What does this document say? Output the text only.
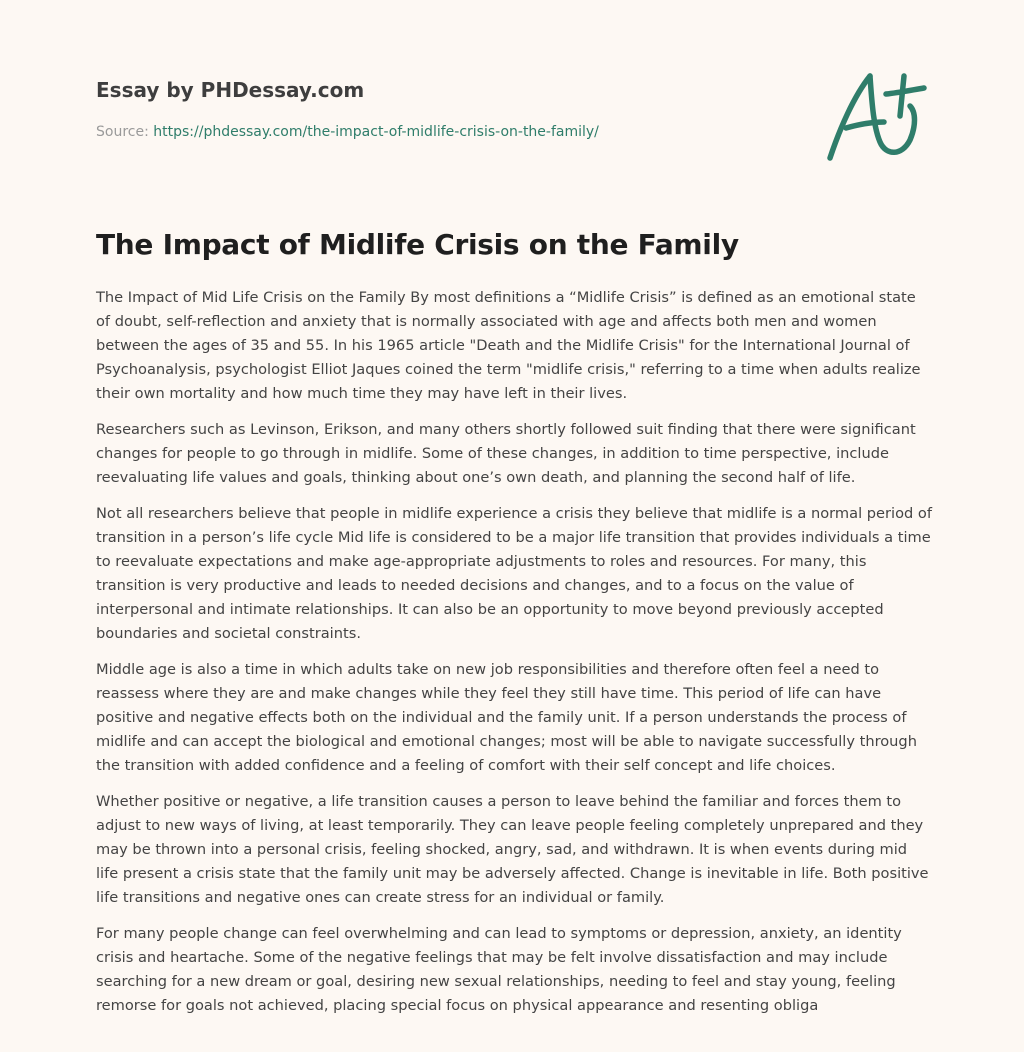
Essay by PHDessay.com
Source: https://phdessay.com/the-impact-of-midlife-crisis-on-the-family/
The Impact of Midlife Crisis on the Family

The Impact of Mid Life Crisis on the Family By most definitions a “Midlife Crisis” is defined as an emotional state of doubt, self-reflection and anxiety that is normally associated with age and affects both men and women between the ages of 35 and 55. In his 1965 article "Death and the Midlife Crisis" for the International Journal of Psychoanalysis, psychologist Elliot Jaques coined the term "midlife crisis," referring to a time when adults realize their own mortality and how much time they may have left in their lives.

Researchers such as Levinson, Erikson, and many others shortly followed suit finding that there were significant changes for people to go through in midlife. Some of these changes, in addition to time perspective, include reevaluating life values and goals, thinking about one’s own death, and planning the second half of life.

Not all researchers believe that people in midlife experience a crisis they believe that midlife is a normal period of transition in a person’s life cycle Mid life is considered to be a major life transition that provides individuals a time to reevaluate expectations and make age-appropriate adjustments to roles and resources. For many, this transition is very productive and leads to needed decisions and changes, and to a focus on the value of interpersonal and intimate relationships. It can also be an opportunity to move beyond previously accepted boundaries and societal constraints.

Middle age is also a time in which adults take on new job responsibilities and therefore often feel a need to reassess where they are and make changes while they feel they still have time. This period of life can have positive and negative effects both on the individual and the family unit. If a person understands the process of midlife and can accept the biological and emotional changes; most will be able to navigate successfully through the transition with added confidence and a feeling of comfort with their self concept and life choices.

Whether positive or negative, a life transition causes a person to leave behind the familiar and forces them to adjust to new ways of living, at least temporarily. They can leave people feeling completely unprepared and they may be thrown into a personal crisis, feeling shocked, angry, sad, and withdrawn. It is when events during mid life present a crisis state that the family unit may be adversely affected. Change is inevitable in life. Both positive life transitions and negative ones can create stress for an individual or family.

For many people change can feel overwhelming and can lead to symptoms or depression, anxiety, an identity crisis and heartache. Some of the negative feelings that may be felt involve dissatisfaction and may include searching for a new dream or goal, desiring new sexual relationships, needing to feel and stay young, feeling remorse for goals not achieved, placing special focus on physical appearance and resenting obliga
